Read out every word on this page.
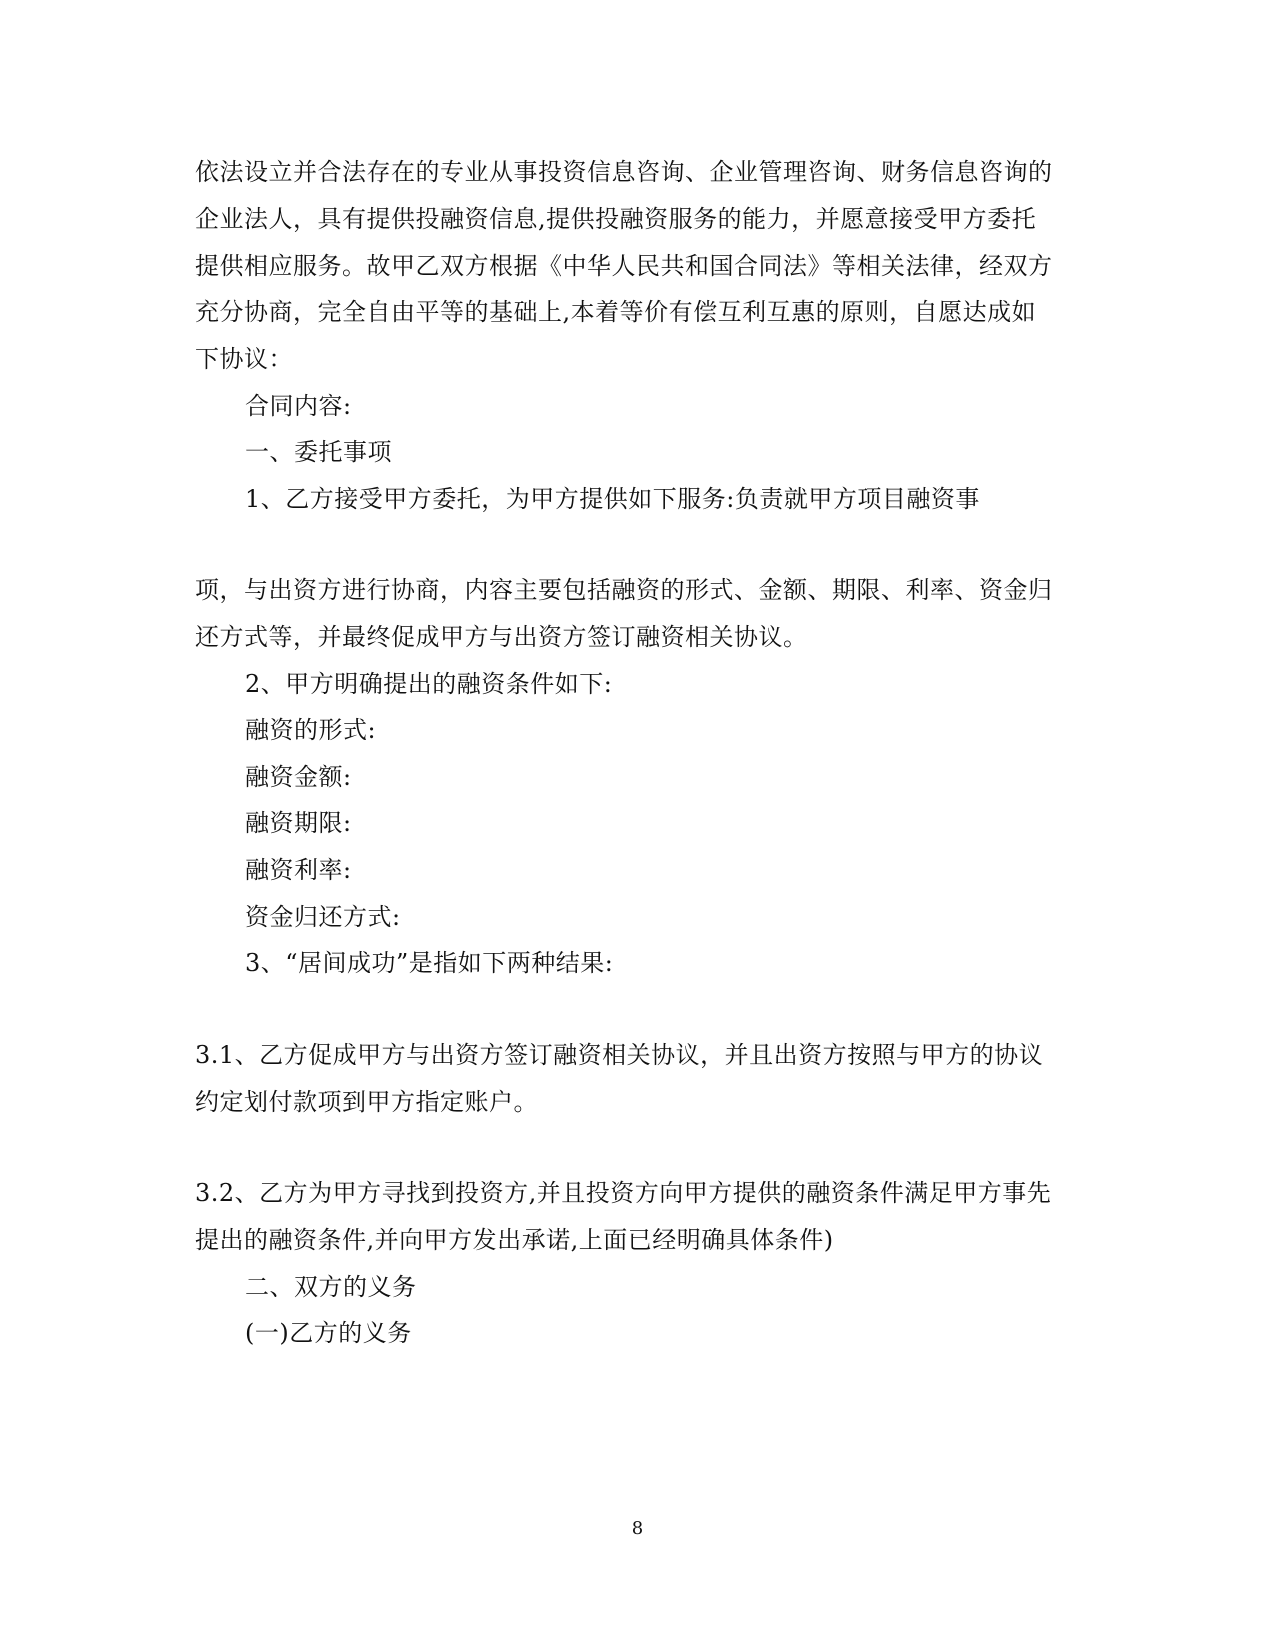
依法设立并合法存在的专业从事投资信息咨询、企业管理咨询、财务信息咨询的
企业法人，具有提供投融资信息,提供投融资服务的能力，并愿意接受甲方委托
提供相应服务。故甲乙双方根据《中华人民共和国合同法》等相关法律，经双方
充分协商，完全自由平等的基础上,本着等价有偿互利互惠的原则，自愿达成如
下协议：
合同内容:
一、委托事项
1、乙方接受甲方委托，为甲方提供如下服务:负责就甲方项目融资事
项，与出资方进行协商，内容主要包括融资的形式、金额、期限、利率、资金归
还方式等，并最终促成甲方与出资方签订融资相关协议。
2、甲方明确提出的融资条件如下:
融资的形式:
融资金额:
融资期限:
融资利率:
资金归还方式:
3、“居间成功”是指如下两种结果:
3.1、乙方促成甲方与出资方签订融资相关协议，并且出资方按照与甲方的协议
约定划付款项到甲方指定账户。
3.2、乙方为甲方寻找到投资方,并且投资方向甲方提供的融资条件满足甲方事先
提出的融资条件,并向甲方发出承诺,上面已经明确具体条件)
二、双方的义务
(一)乙方的义务
8
